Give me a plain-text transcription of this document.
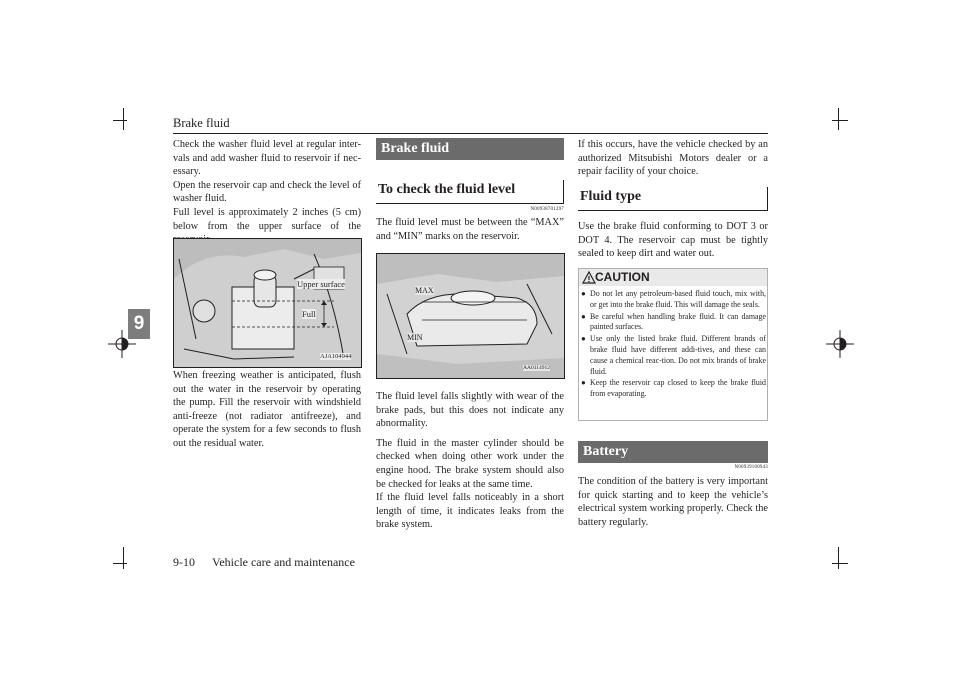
Brake fluid
9

Check the washer fluid level at regular inter-vals and add washer fluid to reservoir if nec-essary.

Open the reservoir cap and check the level of washer fluid.

Full level is approximately 2 inches (5 cm) below from the upper surface of the

Upper surface
Full
AJA104944

When freezing weather is anticipated, flush out the water in the reservoir by operating the pump. Fill the reservoir with windshield anti-freeze (not radiator antifreeze), and operate the system for a few seconds to flush out the residual water.

Brake fluid
To check the fluid level
N00938701297

The fluid level must be between the “MAX” and “MIN” marks on the reservoir.

MAX
MIN
AA0114912

The fluid level falls slightly with wear of the brake pads, but this does not indicate any abnormality.

The fluid in the master cylinder should be checked when doing other work under the engine hood. The brake system should also be checked for leaks at the same time.

If the fluid level falls noticeably in a short length of time, it indicates leaks from the brake system.

If this occurs, have the vehicle checked by an authorized Mitsubishi Motors dealer or a repair facility of your choice.

Fluid type

Use the brake fluid conforming to DOT 3 or DOT 4. The reservoir cap must be tightly sealed to keep dirt and water out.

CAUTION
● Do not let any petroleum-based fluid touch, mix with, or get into the brake fluid. This will damage the seals.
● Be careful when handling brake fluid. It can damage painted surfaces.
● Use only the listed brake fluid. Different brands of brake fluid have different addi-tives, and these can cause a chemical reac-tion. Do not mix brands of brake fluid.
● Keep the reservoir cap closed to keep the brake fluid from evaporating.
Battery
N00939100943

The condition of the battery is very important for quick starting and to keep the vehicle’s electrical system working properly. Check the battery regularly.

9-10 Vehicle care and maintenance
